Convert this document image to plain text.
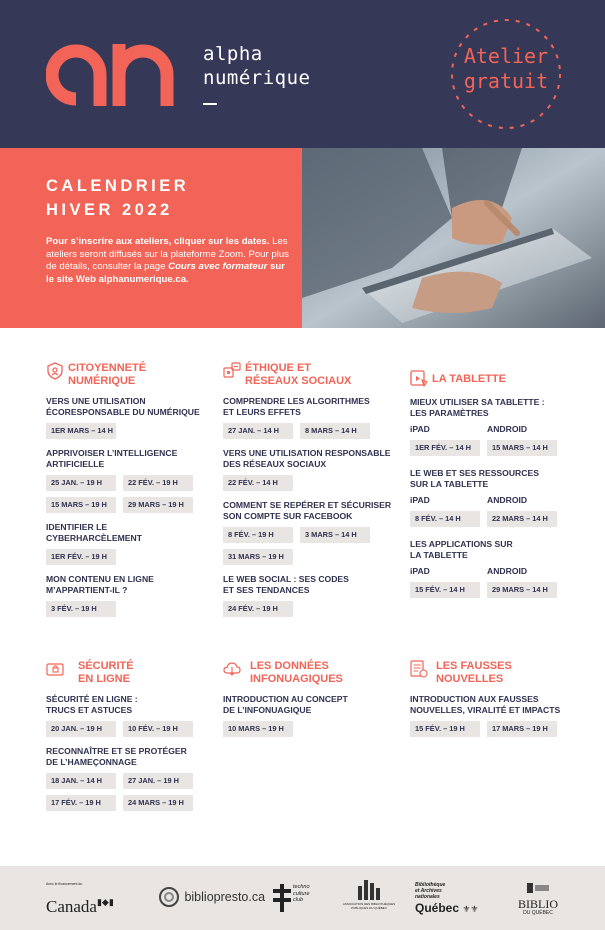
alpha
numérique
Atelier
gratuit
CALENDRIER
HIVER 2022
Pour s’inscrire aux ateliers, cliquer sur les dates. Les ateliers seront diffusés sur la plateforme Zoom. Pour plus de détails, consulter la page Cours avec formateur sur le site Web alphanumerique.ca.
CITOYENNETÉ
NUMÉRIQUE
VERS UNE UTILISATION
ÉCORESPONSABLE DU NUMÉRIQUE
1ER MARS – 14 H
APPRIVOISER L’INTELLIGENCE
ARTIFICIELLE
25 JAN. – 19 H	22 FÉV. – 19 H
15 MARS – 19 H	29 MARS – 19 H
IDENTIFIER LE
CYBERHARCÈLEMENT
1ER FÉV. – 19 H
MON CONTENU EN LIGNE
M’APPARTIENT-IL ?
3 FÉV. – 19 H
ÉTHIQUE ET
RÉSEAUX SOCIAUX
COMPRENDRE LES ALGORITHMES
ET LEURS EFFETS
27 JAN. – 14 H	8 MARS – 14 H
VERS UNE UTILISATION RESPONSABLE
DES RÉSEAUX SOCIAUX
22 FÉV. – 14 H
COMMENT SE REPÉRER ET SÉCURISER
SON COMPTE SUR FACEBOOK
8 FÉV. – 19 H	3 MARS – 14 H
31 MARS – 19 H
LE WEB SOCIAL : SES CODES
ET SES TENDANCES
24 FÉV. – 19 H
LA TABLETTE
MIEUX UTILISER SA TABLETTE :
LES PARAMÈTRES
iPAD	ANDROID
1ER FÉV. – 14 H	15 MARS – 14 H
LE WEB ET SES RESSOURCES
SUR LA TABLETTE
iPAD	ANDROID
8 FÉV. – 14 H	22 MARS – 14 H
LES APPLICATIONS SUR
LA TABLETTE
iPAD	ANDROID
15 FÉV. – 14 H	29 MARS – 14 H
SÉCURITÉ
EN LIGNE
SÉCURITÉ EN LIGNE :
TRUCS ET ASTUCES
20 JAN. – 19 H	10 FÉV. – 19 H
RECONNAÎTRE ET SE PROTÉGER
DE L’HAMEÇONNAGE
18 JAN. – 14 H	27 JAN. – 19 H
17 FÉV. – 19 H	24 MARS – 19 H
LES DONNÉES
INFONUAGIQUES
INTRODUCTION AU CONCEPT
DE L’INFONUAGIQUE
10 MARS – 19 H
LES FAUSSES
NOUVELLES
INTRODUCTION AUX FAUSSES
NOUVELLES, VIRALITÉ ET IMPACTS
15 FÉV. – 19 H	17 MARS – 19 H
Avec le financement du
Canada▮◆▮	bibliopresto.ca
techno
culture
club
ASSOCIATION DES BIBLIOTHÈQUES PUBLIQUES DU QUÉBEC
Bibliothèque
et Archives
nationales
Québec ⚜⚜	BIBLIO
DU QUÉBEC
